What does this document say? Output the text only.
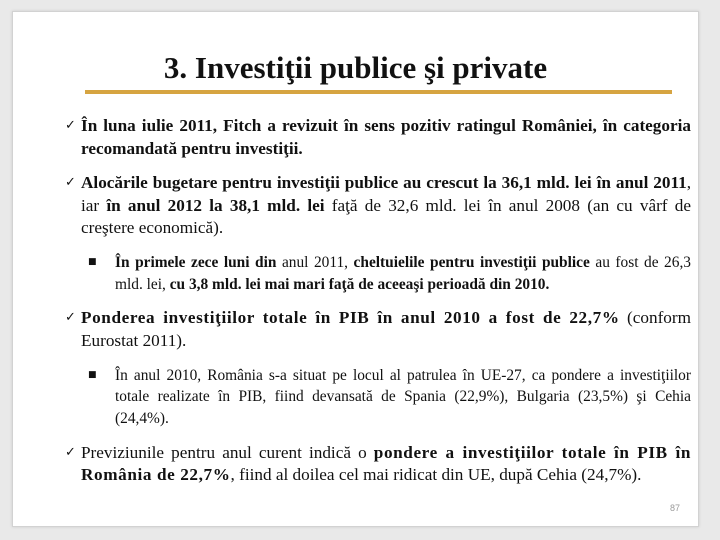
3. Investiţii publice şi private
✓ În luna iulie 2011, Fitch a revizuit în sens pozitiv ratingul României, în categoria recomandată pentru investiţii.
✓ Alocările bugetare pentru investiţii publice au crescut la 36,1 mld. lei în anul 2011, iar în anul 2012 la 38,1 mld. lei faţă de 32,6 mld. lei în anul 2008 (an cu vârf de creştere economică).
■ În primele zece luni din anul 2011, cheltuielile pentru investiţii publice au fost de 26,3 mld. lei, cu 3,8 mld. lei mai mari faţă de aceeaşi perioadă din 2010.
✓ Ponderea investiţiilor totale în PIB în anul 2010 a fost de 22,7% (conform Eurostat 2011).
■ În anul 2010, România s-a situat pe locul al patrulea în UE-27, ca pondere a investiţiilor totale realizate în PIB, fiind devansată de Spania (22,9%), Bulgaria (23,5%) şi Cehia (24,4%).
✓ Previziunile pentru anul curent indică o pondere a investiţiilor totale în PIB în România de 22,7%, fiind al doilea cel mai ridicat din UE, după Cehia (24,7%).
87
